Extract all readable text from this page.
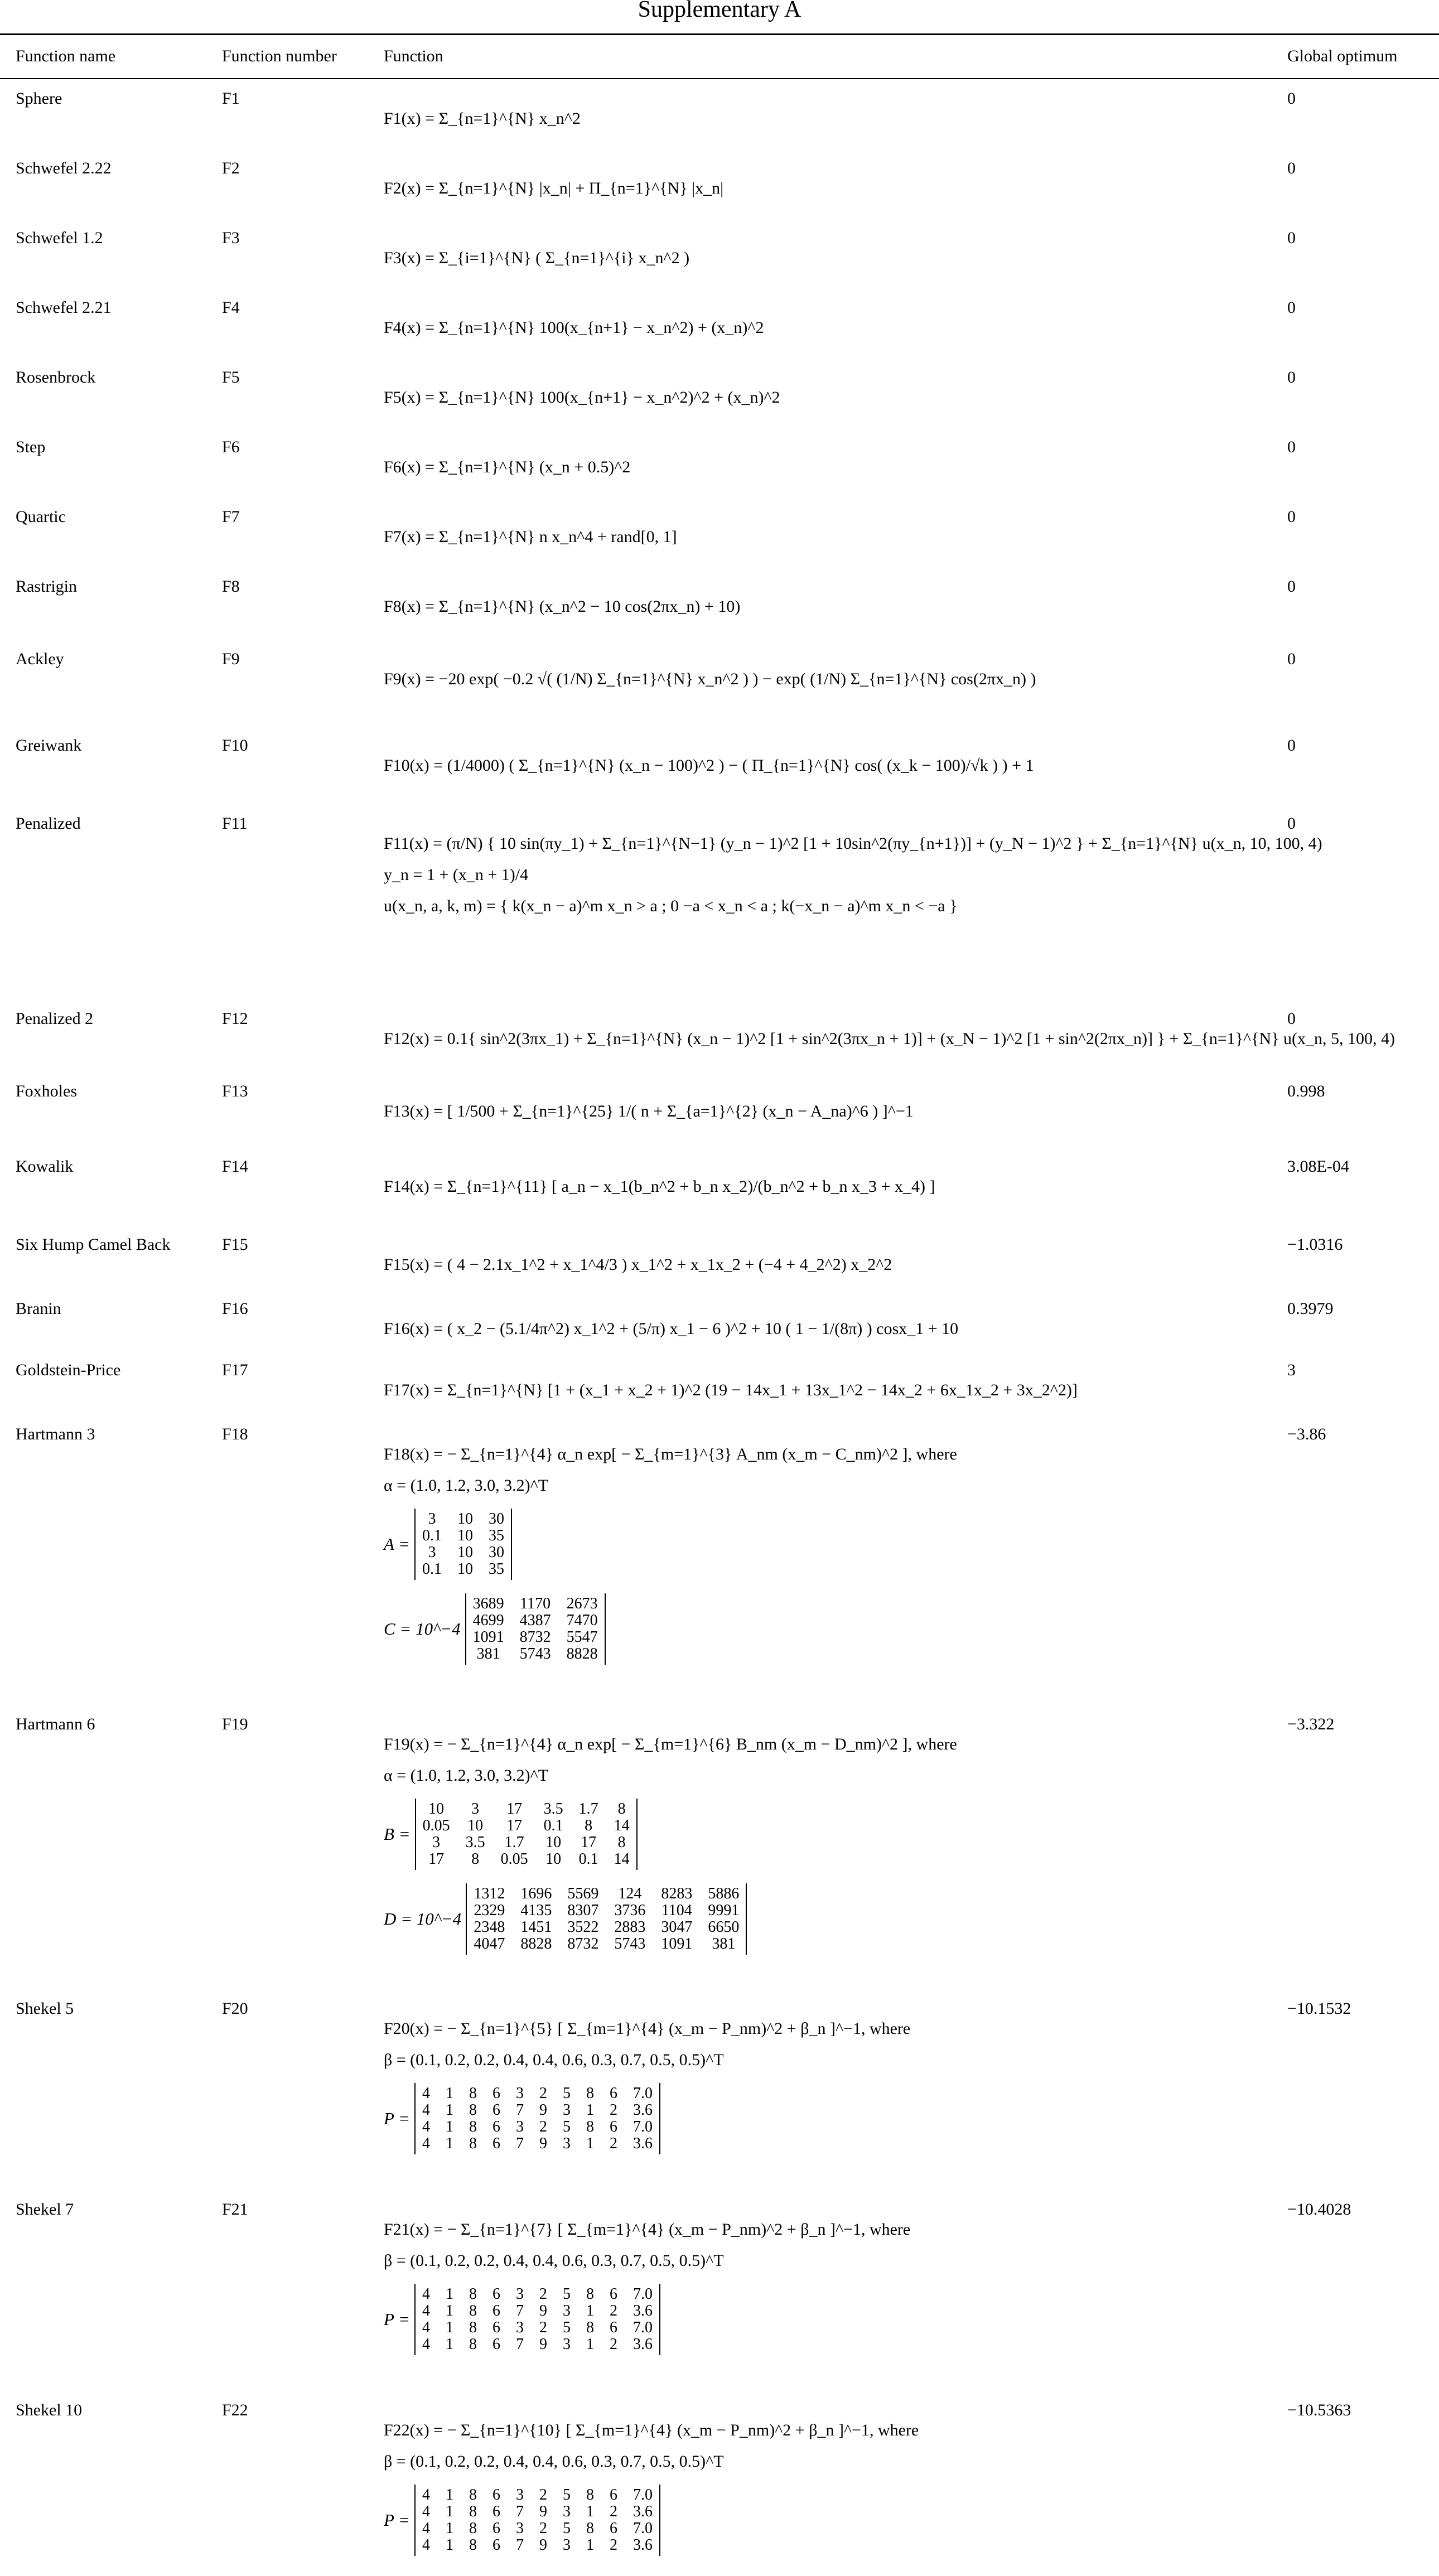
Supplementary A
Function name	Function number	Function	Global optimum
Sphere	F1	0
F1(x) = Σ_{n=1}^{N} x_n^2
Schwefel 2.22	F2	0
F2(x) = Σ_{n=1}^{N} |x_n| + Π_{n=1}^{N} |x_n|
Schwefel 1.2	F3	0
F3(x) = Σ_{i=1}^{N} ( Σ_{n=1}^{i} x_n^2 )
Schwefel 2.21	F4	0
F4(x) = Σ_{n=1}^{N} 100(x_{n+1} − x_n^2) + (x_n)^2
Rosenbrock	F5	0
F5(x) = Σ_{n=1}^{N} 100(x_{n+1} − x_n^2)^2 + (x_n)^2
Step	F6	0
F6(x) = Σ_{n=1}^{N} (x_n + 0.5)^2
Quartic	F7	0
F7(x) = Σ_{n=1}^{N} n x_n^4 + rand[0, 1]
Rastrigin	F8	0
F8(x) = Σ_{n=1}^{N} (x_n^2 − 10 cos(2πx_n) + 10)
Ackley	F9	0
F9(x) = −20 exp( −0.2 √( (1/N) Σ_{n=1}^{N} x_n^2 ) ) − exp( (1/N) Σ_{n=1}^{N} cos(2πx_n) )
Greiwank	F10	0
F10(x) = (1/4000) ( Σ_{n=1}^{N} (x_n − 100)^2 ) − ( Π_{n=1}^{N} cos( (x_k − 100)/√k ) ) + 1
Penalized	F11	0
F11(x) = (π/N) { 10 sin(πy_1) + Σ_{n=1}^{N−1} (y_n − 1)^2 [1 + 10sin^2(πy_{n+1})] + (y_N − 1)^2 } + Σ_{n=1}^{N} u(x_n, 10, 100, 4)
y_n = 1 + (x_n + 1)/4
u(x_n, a, k, m) = { k(x_n − a)^m x_n > a ; 0 −a < x_n < a ; k(−x_n − a)^m x_n < −a }
Penalized 2	F12	0
F12(x) = 0.1{ sin^2(3πx_1) + Σ_{n=1}^{N} (x_n − 1)^2 [1 + sin^2(3πx_n + 1)] + (x_N − 1)^2 [1 + sin^2(2πx_n)] } + Σ_{n=1}^{N} u(x_n, 5, 100, 4)
Foxholes	F13	0.998
F13(x) = [ 1/500 + Σ_{n=1}^{25} 1/( n + Σ_{a=1}^{2} (x_n − A_na)^6 ) ]^−1
Kowalik	F14	3.08E-04
F14(x) = Σ_{n=1}^{11} [ a_n − x_1(b_n^2 + b_n x_2)/(b_n^2 + b_n x_3 + x_4) ]
Six Hump Camel Back	F15	−1.0316
F15(x) = ( 4 − 2.1x_1^2 + x_1^4/3 ) x_1^2 + x_1x_2 + (−4 + 4_2^2) x_2^2
Branin	F16	0.3979
F16(x) = ( x_2 − (5.1/4π^2) x_1^2 + (5/π) x_1 − 6 )^2 + 10 ( 1 − 1/(8π) ) cosx_1 + 10
Goldstein-Price	F17	3
F17(x) = Σ_{n=1}^{N} [1 + (x_1 + x_2 + 1)^2 (19 − 14x_1 + 13x_1^2 − 14x_2 + 6x_1x_2 + 3x_2^2)]
Hartmann 3	F18	−3.86
F18(x) = − Σ_{n=1}^{4} α_n exp[ − Σ_{m=1}^{3} A_nm (x_m − C_nm)^2 ], where
α = (1.0, 1.2, 3.0, 3.2)^T
A =
3	10 30
0.1 10 35
3	10 30
0.1 10 35
C = 10^−4
3689 1170 2673
4699 4387 7470
1091 8732 5547
381 5743 8828
Hartmann 6	F19	−3.322
F19(x) = − Σ_{n=1}^{4} α_n exp[ − Σ_{m=1}^{6} B_nm (x_m − D_nm)^2 ], where
α = (1.0, 1.2, 3.0, 3.2)^T
B =
10	3	17	3.5 1.7 8
0.05 10	17	0.1	8	14
3	3.5 1.7 10 17 8
17	8	0.05 10 0.1 14
D = 10^−4
1312 1696 5569 124 8283 5886
2329 4135 8307 3736 1104 9991
2348 1451 3522 2883 3047 6650
4047 8828 8732 5743 1091 381
Shekel 5	F20	−10.1532
F20(x) = − Σ_{n=1}^{5} [ Σ_{m=1}^{4} (x_m − P_nm)^2 + β_n ]^−1, where
β = (0.1, 0.2, 0.2, 0.4, 0.4, 0.6, 0.3, 0.7, 0.5, 0.5)^T
P =
4 1 8 6 3 2 5 8 6 7.0
4 1 8 6 7 9 3 1 2 3.6
4 1 8 6 3 2 5 8 6 7.0
4 1 8 6 7 9 3 1 2 3.6
Shekel 7	F21	−10.4028
F21(x) = − Σ_{n=1}^{7} [ Σ_{m=1}^{4} (x_m − P_nm)^2 + β_n ]^−1, where
β = (0.1, 0.2, 0.2, 0.4, 0.4, 0.6, 0.3, 0.7, 0.5, 0.5)^T
P =
4 1 8 6 3 2 5 8 6 7.0
4 1 8 6 7 9 3 1 2 3.6
4 1 8 6 3 2 5 8 6 7.0
4 1 8 6 7 9 3 1 2 3.6
Shekel 10	F22	−10.5363
F22(x) = − Σ_{n=1}^{10} [ Σ_{m=1}^{4} (x_m − P_nm)^2 + β_n ]^−1, where
β = (0.1, 0.2, 0.2, 0.4, 0.4, 0.6, 0.3, 0.7, 0.5, 0.5)^T
P =
4 1 8 6 3 2 5 8 6 7.0
4 1 8 6 7 9 3 1 2 3.6
4 1 8 6 3 2 5 8 6 7.0
4 1 8 6 7 9 3 1 2 3.6
